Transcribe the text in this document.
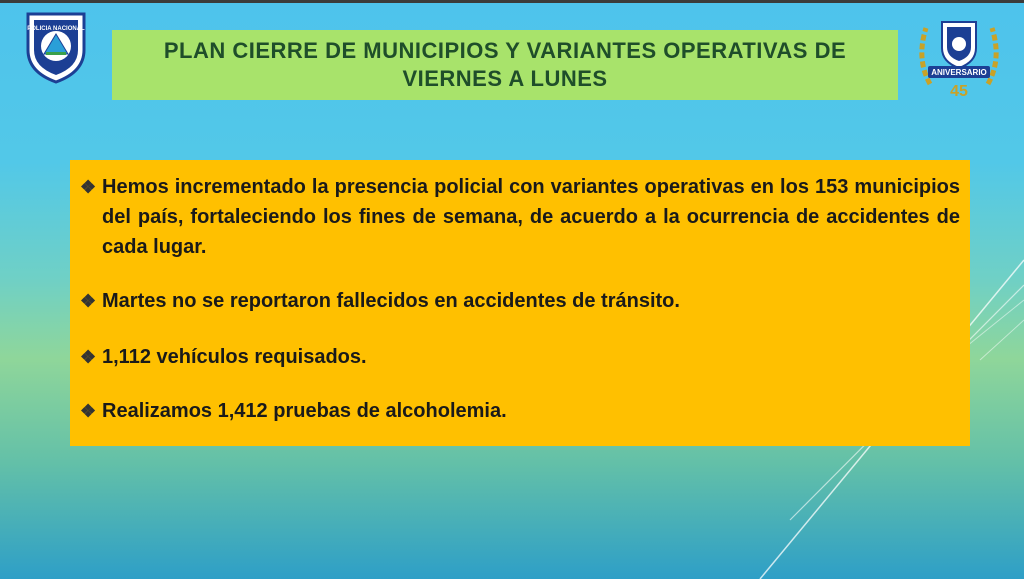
POLICIA NACIONAL
PLAN CIERRE DE MUNICIPIOS Y VARIANTES OPERATIVAS DE VIERNES A LUNES	ANIVERSARIO
45
❖ Hemos incrementado la presencia policial con variantes operativas en los 153 municipios del país, fortaleciendo los fines de semana, de acuerdo a la ocurrencia de accidentes de cada lugar.
❖ Martes no se reportaron fallecidos en accidentes de tránsito.
❖ 1,112 vehículos requisados.
❖ Realizamos 1,412 pruebas de alcoholemia.
